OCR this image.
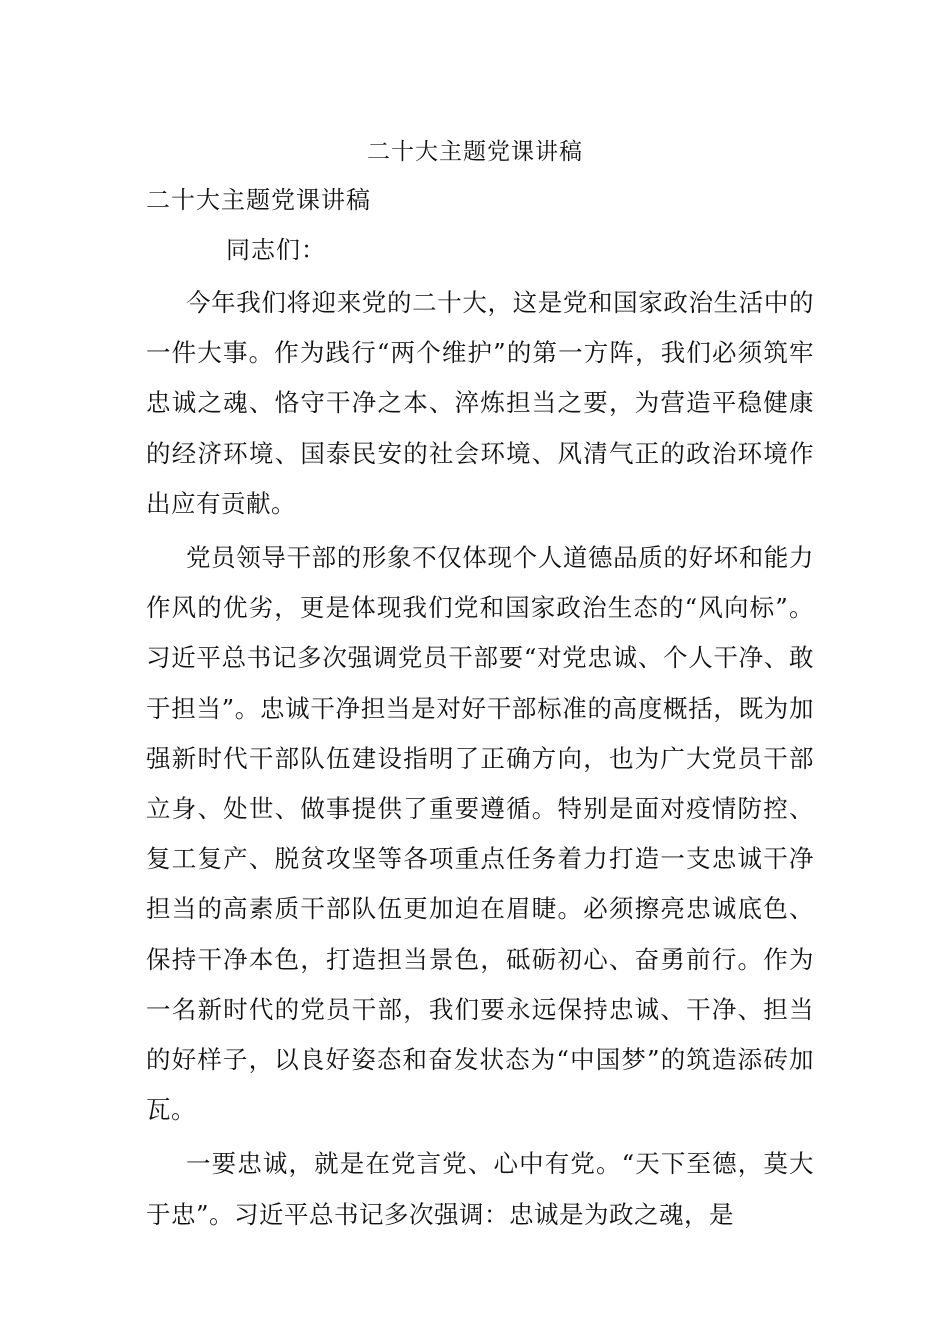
二十大主题党课讲稿
二十大主题党课讲稿
同志们：

今年我们将迎来党的二十大，这是党和国家政治生活中的一件大事。作为践行“两个维护”的第一方阵，我们必须筑牢忠诚之魂、恪守干净之本、淬炼担当之要，为营造平稳健康的经济环境、国泰民安的社会环境、风清气正的政治环境作出应有贡献。

党员领导干部的形象不仅体现个人道德品质的好坏和能力作风的优劣，更是体现我们党和国家政治生态的“风向标”。习近平总书记多次强调党员干部要“对党忠诚、个人干净、敢于担当”。忠诚干净担当是对好干部标准的高度概括，既为加强新时代干部队伍建设指明了正确方向，也为广大党员干部立身、处世、做事提供了重要遵循。特别是面对疫情防控、复工复产、脱贫攻坚等各项重点任务着力打造一支忠诚干净担当的高素质干部队伍更加迫在眉睫。必须擦亮忠诚底色、保持干净本色，打造担当景色，砥砺初心、奋勇前行。作为一名新时代的党员干部，我们要永远保持忠诚、干净、担当的好样子，以良好姿态和奋发状态为“中国梦”的筑造添砖加瓦。

一要忠诚，就是在党言党、心中有党。“天下至德，莫大于忠”。习近平总书记多次强调：忠诚是为政之魂，是
